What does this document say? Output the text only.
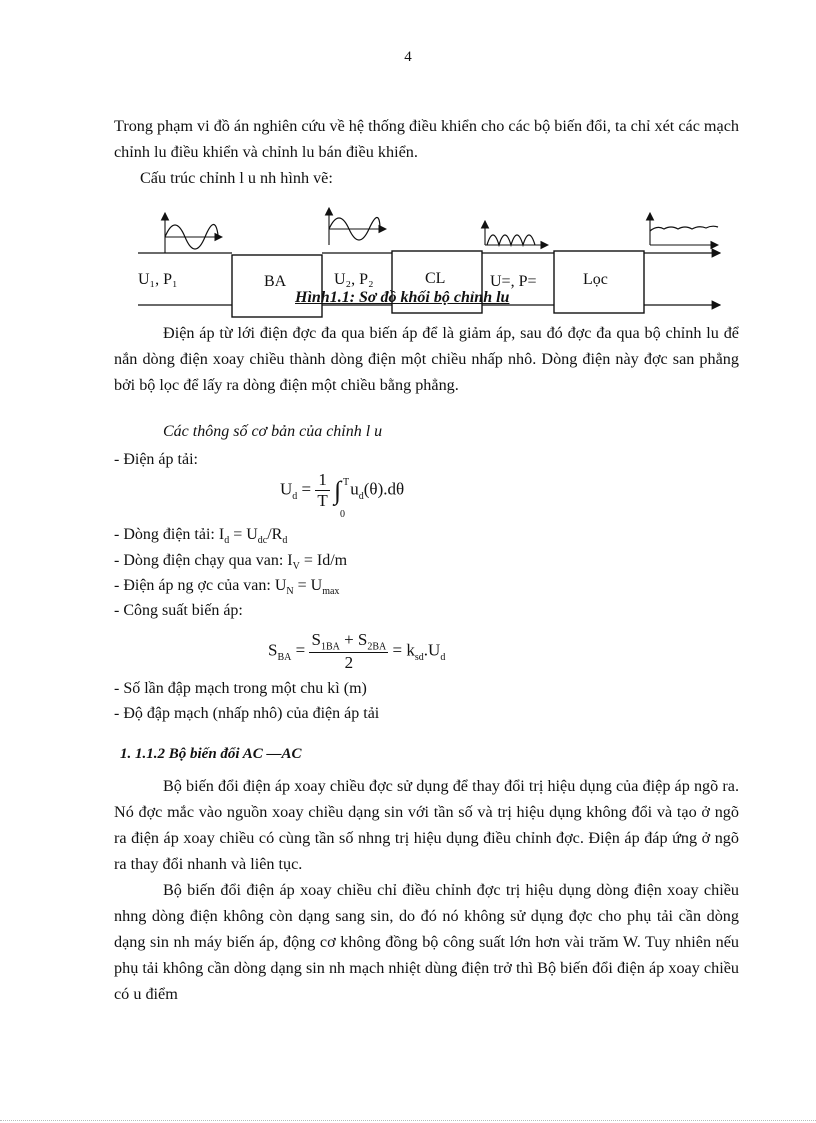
4
Trong phạm vi đồ án nghiên cứu về hệ thống điều khiển cho các bộ biến đổi, ta chỉ xét các mạch chỉnh lu điều khiển và chỉnh lu bán điều khiển.
Cấu trúc chỉnh l u nh hình vẽ:
U₁, P₁	BA	U₂, P₂	CL	U=, P=	Lọc
Hình1.1: Sơ đồ khối bộ chỉnh lu
Điện áp từ lới điện đợc đa qua biến áp để là giảm áp, sau đó đợc đa qua bộ chỉnh lu để nắn dòng điện xoay chiều thành dòng điện một chiều nhấp nhô. Dòng điện này đợc san phẳng bởi bộ lọc để lấy ra dòng điện một chiều bằng phẳng.
Các thông số cơ bản của chỉnh l u
- Điện áp tải:
$U_d = \frac{1}{T}$ ∫ T
0
$u_d(\theta).d\theta$
- Dòng điện tải: $I_d = U_{dc}/R_d$
- Dòng điện chạy qua van: $I_V = Id/m$
- Điện áp ng ợc của van: $U_N = U_{max}$
- Công suất biến áp:
$S_{BA} = \frac{S_{1BA} + S_{2BA}}{2} = k_{sd}.U_d$
- Số lần đập mạch trong một chu kì (m)
- Độ đập mạch (nhấp nhô) của điện áp tải
1. 1.1.2 Bộ biến đổi AC —AC
Bộ biến đổi điện áp xoay chiều đợc sử dụng để thay đổi trị hiệu dụng của điệp áp ngõ ra. Nó đợc mắc vào nguồn xoay chiều dạng sin với tần số và trị hiệu dụng không đổi và tạo ở ngõ ra điện áp xoay chiều có cùng tần số nhng trị hiệu dụng điều chỉnh đợc. Điện áp đáp ứng ở ngõ ra thay đổi nhanh và liên tục.
Bộ biến đổi điện áp xoay chiều chỉ điều chỉnh đợc trị hiệu dụng dòng điện xoay chiều nhng dòng điện không còn dạng sang sin, do đó nó không sử dụng đợc cho phụ tải cần dòng dạng sin nh máy biến áp, động cơ không đồng bộ công suất lớn hơn vài trăm W. Tuy nhiên nếu phụ tải không cần dòng dạng sin nh mạch nhiệt dùng điện trở thì Bộ biến đổi điện áp xoay chiều có u điểm
